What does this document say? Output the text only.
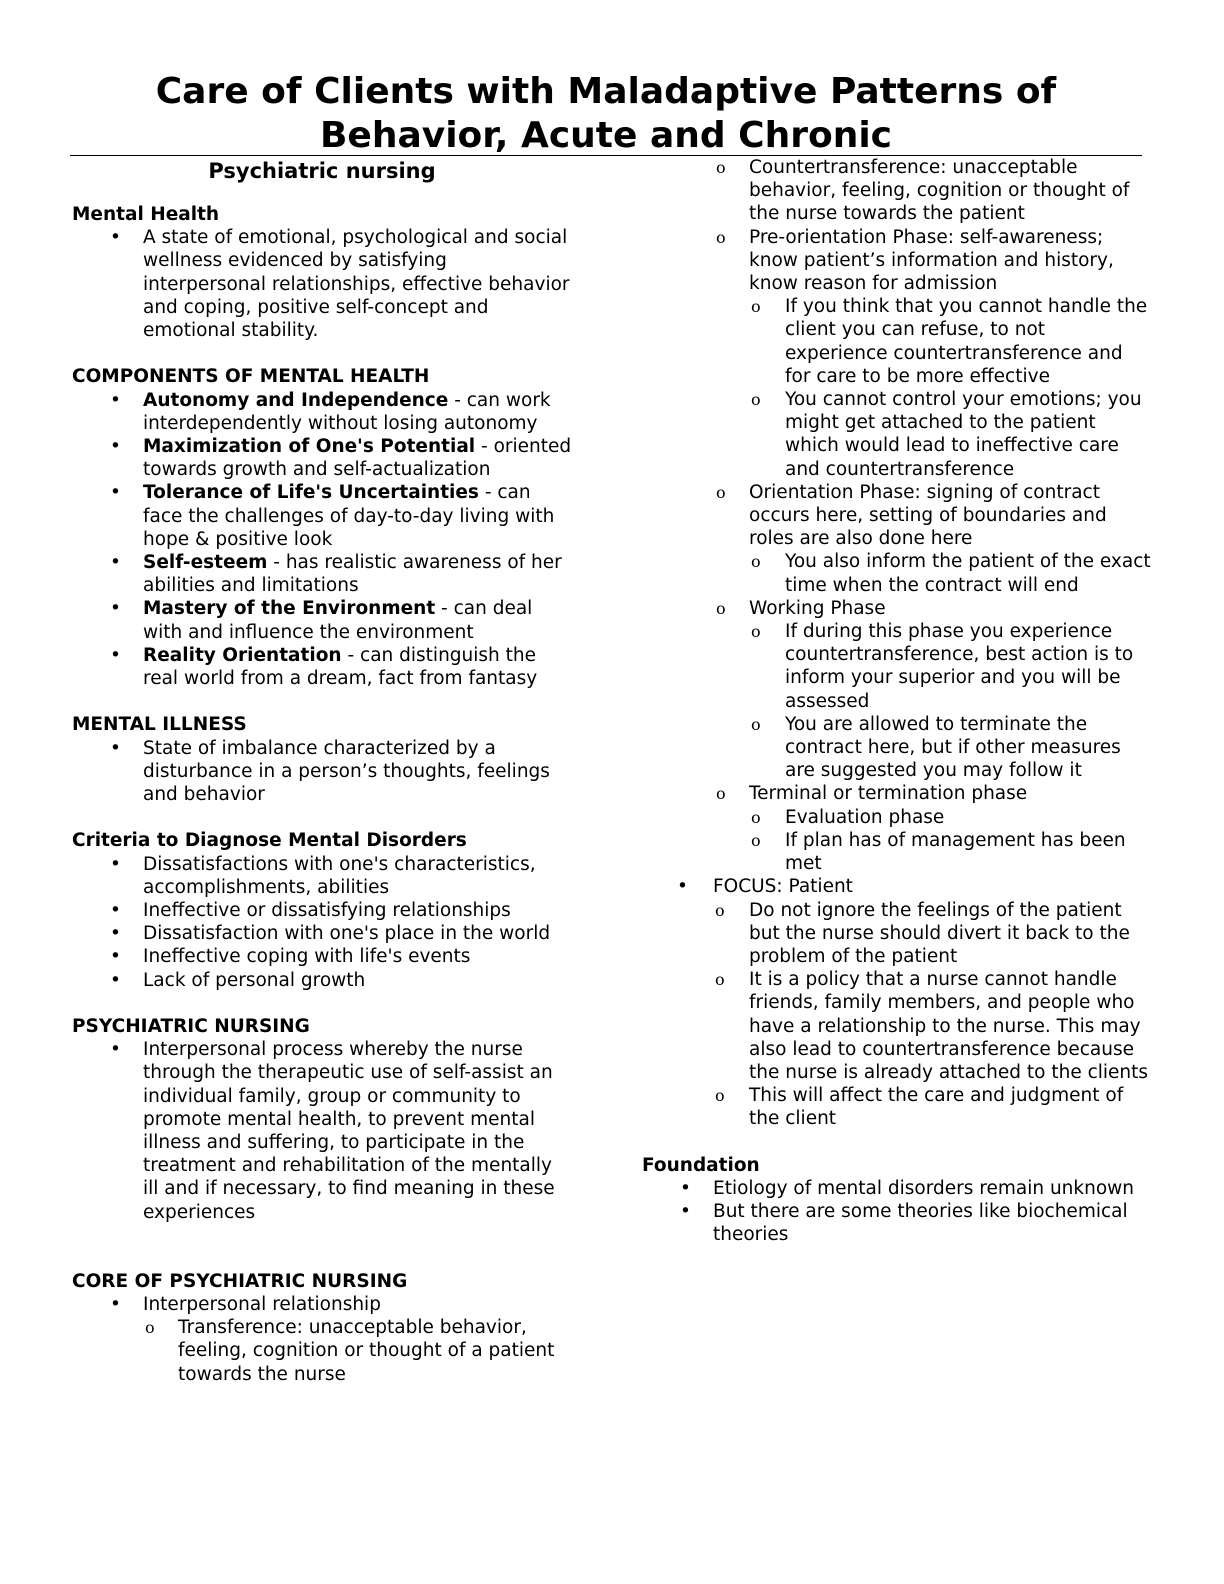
Care of Clients with Maladaptive Patterns of Behavior, Acute and Chronic
Psychiatric nursing
Mental Health
• A state of emotional, psychological and social wellness evidenced by satisfying interpersonal relationships, effective behavior and coping, positive self-concept and emotional stability.
COMPONENTS OF MENTAL HEALTH
• Autonomy and Independence - can work interdependently without losing autonomy
• Maximization of One's Potential - oriented towards growth and self-actualization
• Tolerance of Life's Uncertainties - can face the challenges of day-to-day living with hope & positive look
• Self-esteem - has realistic awareness of her abilities and limitations
• Mastery of the Environment - can deal with and influence the environment
• Reality Orientation - can distinguish the real world from a dream, fact from fantasy
MENTAL ILLNESS
• State of imbalance characterized by a disturbance in a person’s thoughts, feelings and behavior
Criteria to Diagnose Mental Disorders
• Dissatisfactions with one's characteristics, accomplishments, abilities
• Ineffective or dissatisfying relationships
• Dissatisfaction with one's place in the world
• Ineffective coping with life's events
• Lack of personal growth
PSYCHIATRIC NURSING
• Interpersonal process whereby the nurse through the therapeutic use of self-assist an individual family, group or community to promote mental health, to prevent mental illness and suffering, to participate in the treatment and rehabilitation of the mentally ill and if necessary, to find meaning in these experiences
CORE OF PSYCHIATRIC NURSING
• Interpersonal relationship
o Transference: unacceptable behavior, feeling, cognition or thought of a patient towards the nurse
o Countertransference: unacceptable behavior, feeling, cognition or thought of the nurse towards the patient
o Pre-orientation Phase: self-awareness; know patient’s information and history, know reason for admission
o If you think that you cannot handle the client you can refuse, to not experience countertransference and for care to be more effective
o You cannot control your emotions; you might get attached to the patient which would lead to ineffective care and countertransference
o Orientation Phase: signing of contract occurs here, setting of boundaries and roles are also done here
o You also inform the patient of the exact time when the contract will end
o Working Phase
o If during this phase you experience countertransference, best action is to inform your superior and you will be assessed
o You are allowed to terminate the contract here, but if other measures are suggested you may follow it
o Terminal or termination phase
o Evaluation phase
o If plan has of management has been met
• FOCUS: Patient
o Do not ignore the feelings of the patient but the nurse should divert it back to the problem of the patient
o It is a policy that a nurse cannot handle friends, family members, and people who have a relationship to the nurse. This may also lead to countertransference because the nurse is already attached to the clients
o This will affect the care and judgment of the client
Foundation
• Etiology of mental disorders remain unknown
• But there are some theories like biochemical theories
